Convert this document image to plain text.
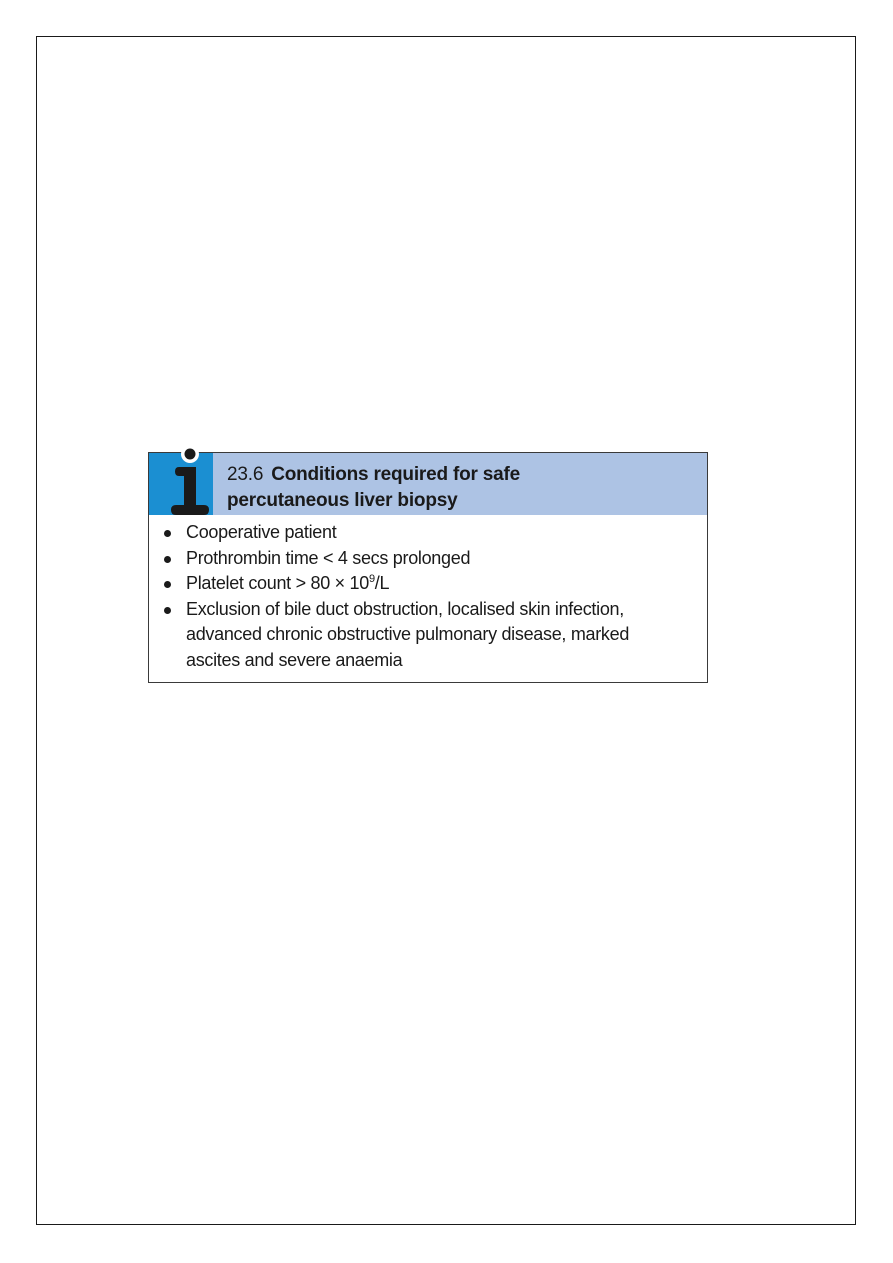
23.6 Conditions required for safe
percutaneous liver biopsy
Cooperative patient
Prothrombin time < 4 secs prolonged
Platelet count > $80 \times 10^9/L$
Exclusion of bile duct obstruction, localised skin infection,
advanced chronic obstructive pulmonary disease, marked
ascites and severe anaemia
